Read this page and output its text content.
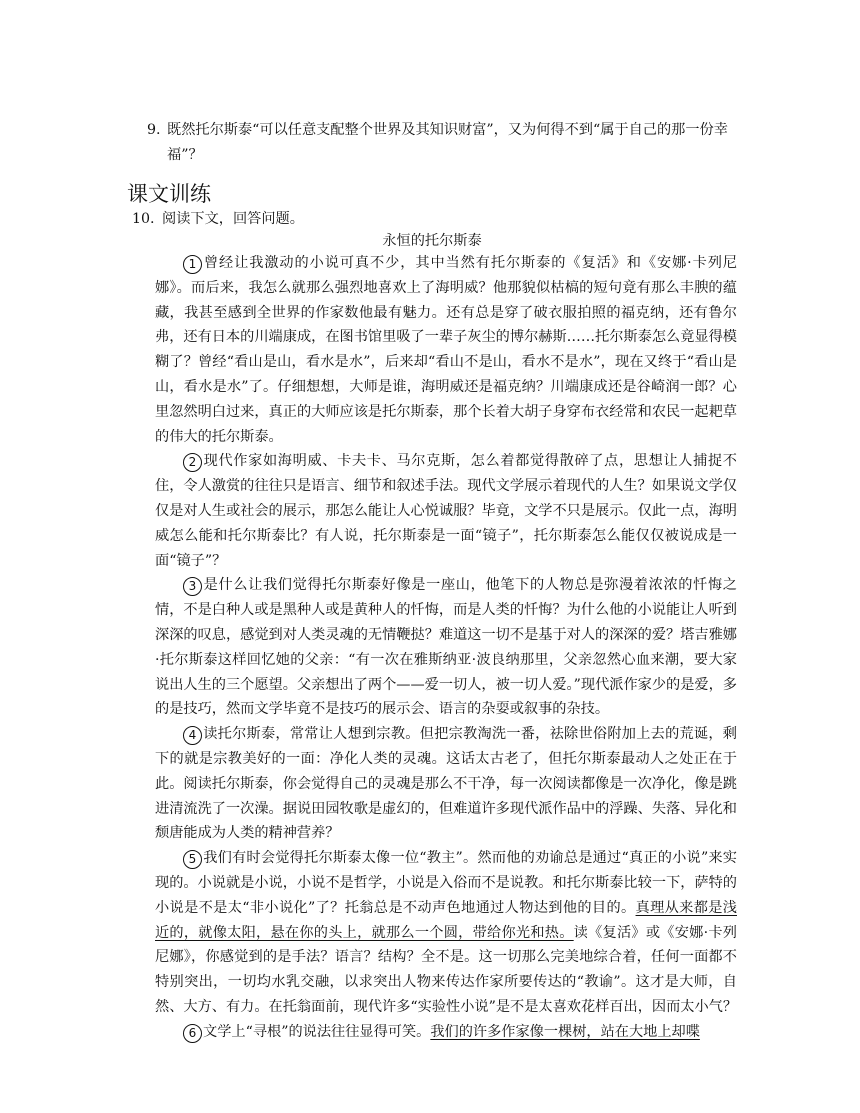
9. 既然托尔斯泰“可以任意支配整个世界及其知识财富”，又为何得不到“属于自己的那一份幸福”？
课文训练
10. 阅读下文，回答问题。
永恒的托尔斯泰

1 曾经让我激动的小说可真不少，其中当然有托尔斯泰的《复活》和《安娜·卡列尼娜》。而后来，我怎么就那么强烈地喜欢上了海明威？他那貌似枯槁的短句竟有那么丰腴的蕴藏，我甚至感到全世界的作家数他最有魅力。还有总是穿了破衣服拍照的福克纳，还有鲁尔弗，还有日本的川端康成，在图书馆里吸了一辈子灰尘的博尔赫斯……托尔斯泰怎么竟显得模糊了？曾经“看山是山，看水是水”，后来却“看山不是山，看水不是水”，现在又终于“看山是山，看水是水”了。仔细想想，大师是谁，海明威还是福克纳？川端康成还是谷崎润一郎？心里忽然明白过来，真正的大师应该是托尔斯泰，那个长着大胡子身穿布衣经常和农民一起耙草的伟大的托尔斯泰。

2 现代作家如海明威、卡夫卡、马尔克斯，怎么着都觉得散碎了点，思想让人捕捉不住，令人激赏的往往只是语言、细节和叙述手法。现代文学展示着现代的人生？如果说文学仅仅是对人生或社会的展示，那怎么能让人心悦诚服？毕竟，文学不只是展示。仅此一点，海明威怎么能和托尔斯泰比？有人说，托尔斯泰是一面“镜子”，托尔斯泰怎么能仅仅被说成是一面“镜子”？

3 是什么让我们觉得托尔斯泰好像是一座山，他笔下的人物总是弥漫着浓浓的忏悔之情，不是白种人或是黑种人或是黄种人的忏悔，而是人类的忏悔？为什么他的小说能让人听到深深的叹息，感觉到对人类灵魂的无情鞭挞？难道这一切不是基于对人的深深的爱？塔吉雅娜·托尔斯泰这样回忆她的父亲：“有一次在雅斯纳亚·波良纳那里，父亲忽然心血来潮，要大家说出人生的三个愿望。父亲想出了两个——爱一切人，被一切人爱。”现代派作家少的是爱，多的是技巧，然而文学毕竟不是技巧的展示会、语言的杂耍或叙事的杂技。

4 读托尔斯泰，常常让人想到宗教。但把宗教淘洗一番，祛除世俗附加上去的荒诞，剩下的就是宗教美好的一面：净化人类的灵魂。这话太古老了，但托尔斯泰最动人之处正在于此。阅读托尔斯泰，你会觉得自己的灵魂是那么不干净，每一次阅读都像是一次净化，像是跳进清流洗了一次澡。据说田园牧歌是虚幻的，但难道许多现代派作品中的浮躁、失落、异化和颓唐能成为人类的精神营养？

5 我们有时会觉得托尔斯泰太像一位“教主”。然而他的劝谕总是通过“真正的小说”来实现的。小说就是小说，小说不是哲学，小说是入俗而不是说教。和托尔斯泰比较一下，萨特的小说是不是太“非小说化”了？托翁总是不动声色地通过人物达到他的目的。真理从来都是浅近的，就像太阳，悬在你的头上，就那么一个圆，带给你光和热。读《复活》或《安娜·卡列尼娜》，你感觉到的是手法？语言？结构？全不是。这一切那么完美地综合着，任何一面都不特别突出，一切均水乳交融，以求突出人物来传达作家所要传达的“教谕”。这才是大师，自然、大方、有力。在托翁面前，现代许多“实验性小说”是不是太喜欢花样百出，因而太小气？

6 文学上“寻根”的说法往往显得可笑。我们的许多作家像一棵树，站在大地上却喋
